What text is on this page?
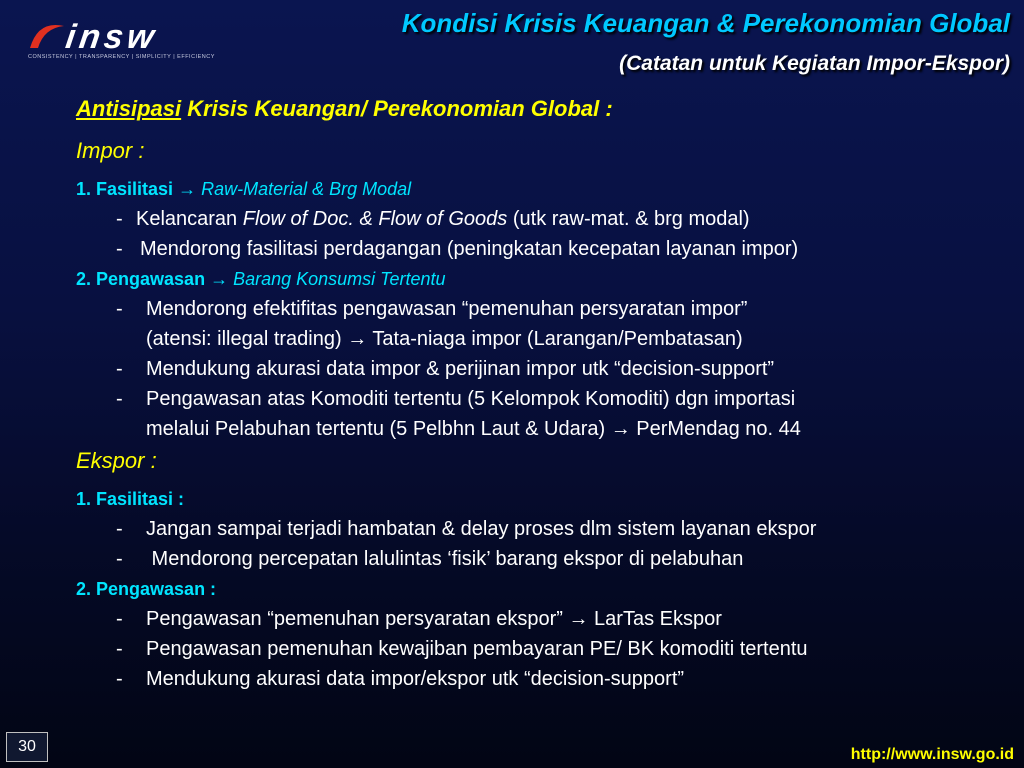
insw
CONSISTENCY | TRANSPARENCY | SIMPLICITY | EFFICIENCY
Kondisi Krisis Keuangan & Perekonomian Global
(Catatan untuk Kegiatan Impor-Ekspor)
Antisipasi Krisis Keuangan/ Perekonomian Global :
Impor :
1. Fasilitasi → Raw-Material & Brg Modal
- Kelancaran Flow of Doc. & Flow of Goods (utk raw-mat. & brg modal)
- Mendorong fasilitasi perdagangan (peningkatan kecepatan layanan impor)
2. Pengawasan → Barang Konsumsi Tertentu
- Mendorong efektifitas pengawasan “pemenuhan persyaratan impor”
(atensi: illegal trading) → Tata-niaga impor (Larangan/Pembatasan)
- Mendukung akurasi data impor & perijinan impor utk “decision-support”
- Pengawasan atas Komoditi tertentu (5 Kelompok Komoditi) dgn importasi
melalui Pelabuhan tertentu (5 Pelbhn Laut & Udara) → PerMendag no. 44
Ekspor :
1. Fasilitasi :
- Jangan sampai terjadi hambatan & delay proses dlm sistem layanan ekspor
- Mendorong percepatan lalulintas ‘fisik’ barang ekspor di pelabuhan
2. Pengawasan :
- Pengawasan “pemenuhan persyaratan ekspor” → LarTas Ekspor
- Pengawasan pemenuhan kewajiban pembayaran PE/ BK komoditi tertentu
- Mendukung akurasi data impor/ekspor utk “decision-support”
30	http://www.insw.go.id
